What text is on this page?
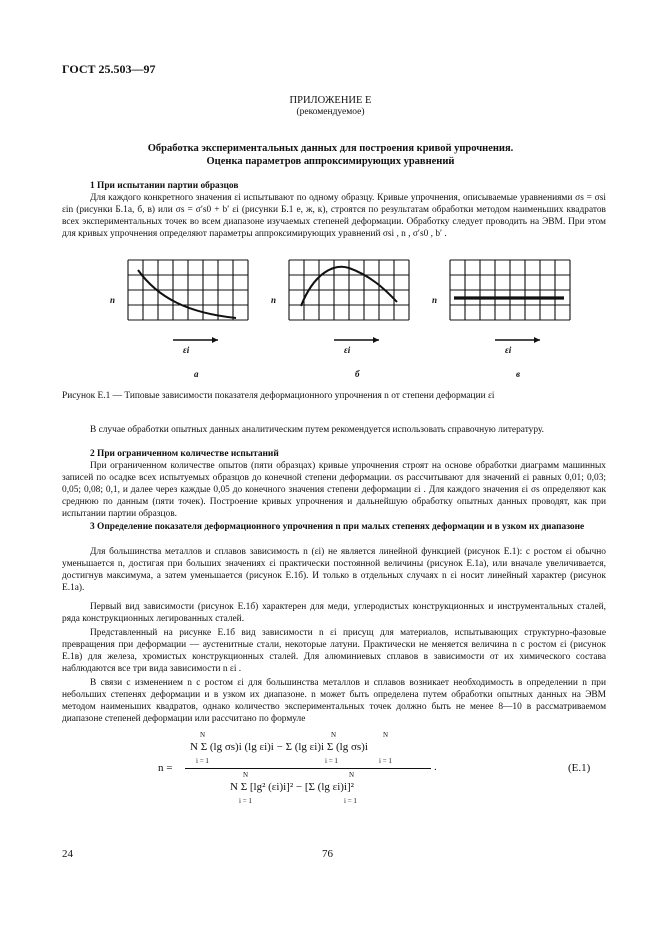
ГОСТ 25.503—97
ПРИЛОЖЕНИЕ Е
(рекомендуемое)
Обработка экспериментальных данных для построения кривой упрочнения.
Оценка параметров аппроксимирующих уравнений
1 При испытании партии образцов
Для каждого конкретного значения εi испытывают по одному образцу. Кривые упрочнения, описываемые уравнениями σs = σsi εin (рисунки Б.1а, б, в) или σs = σ′s0 + b′ εi (рисунки Б.1 е, ж, к), строятся по результатам обработки методом наименьших квадратов всех экспериментальных точек во всем диапазоне изучаемых степеней деформации. Обработку следует проводить на ЭВМ. При этом для кривых упрочнения определяют параметры аппроксимирующих уравнений σsi , n , σ′s0 , b′ .
n	n	n
εi	εi	εi
а	б	в
Рисунок Е.1 — Типовые зависимости показателя деформационного упрочнения n от степени деформации εi
В случае обработки опытных данных аналитическим путем рекомендуется использовать справочную литературу.
2 При ограниченном количестве испытаний
При ограниченном количестве опытов (пяти образцах) кривые упрочнения строят на основе обработки диаграмм машинных записей по осадке всех испытуемых образцов до конечной степени деформации. σs рассчитывают для значений εi равных 0,01; 0,03; 0,05; 0,08; 0,1, и далее через каждые 0,05 до конечного значения степени деформации εi . Для каждого значения εi σs определяют как среднюю по данным (пяти точек). Построение кривых упрочнения и дальнейшую обработку опытных данных проводят, как при испытании партии образцов.
3 Определение показателя деформационного упрочнения n при малых степенях деформации и в узком их диапазоне
Для большинства металлов и сплавов зависимость n (εi) не является линейной функцией (рисунок Е.1): с ростом εi обычно уменьшается n, достигая при больших значениях εi практически постоянной величины (рисунок Е.1а), или вначале увеличивается, достигнув максимума, а затем уменьшается (рисунок Е.1б). И только в отдельных случаях n εi носит линейный характер (рисунок Е.1а).
Первый вид зависимости (рисунок Е.1б) характерен для меди, углеродистых конструкционных и инструментальных сталей, ряда конструкционных легированных сталей.
Представленный на рисунке Е.1б вид зависимости n εi присущ для материалов, испытывающих структурно-фазовые превращения при деформации — аустенитные стали, некоторые латуни. Практически не меняется величина n с ростом εi (рисунок Е.1в) для железа, хромистых конструкционных сталей. Для алюминиевых сплавов в зависимости от их химического состава наблюдаются все три вида зависимости n εi .
В связи с изменением n с ростом εi для большинства металлов и сплавов возникает необходимость в определении n при небольших степенях деформации и в узком их диапазоне. n может быть определена путем обработки опытных данных на ЭВМ методом наименьших квадратов, однако количество экспериментальных точек должно быть не менее 8—10 в рассматриваемом диапазоне степеней деформации или рассчитано по формуле
N	N	N
N Σ (lg σs)i (lg εi)i − Σ (lg εi)i Σ (lg σs)i
i = 1	i = 1	i = 1
n =	.	(Е.1)
N	N
N Σ [lg² (εi)i]² − [Σ (lg εi)i]²
i = 1	i = 1
24	76
